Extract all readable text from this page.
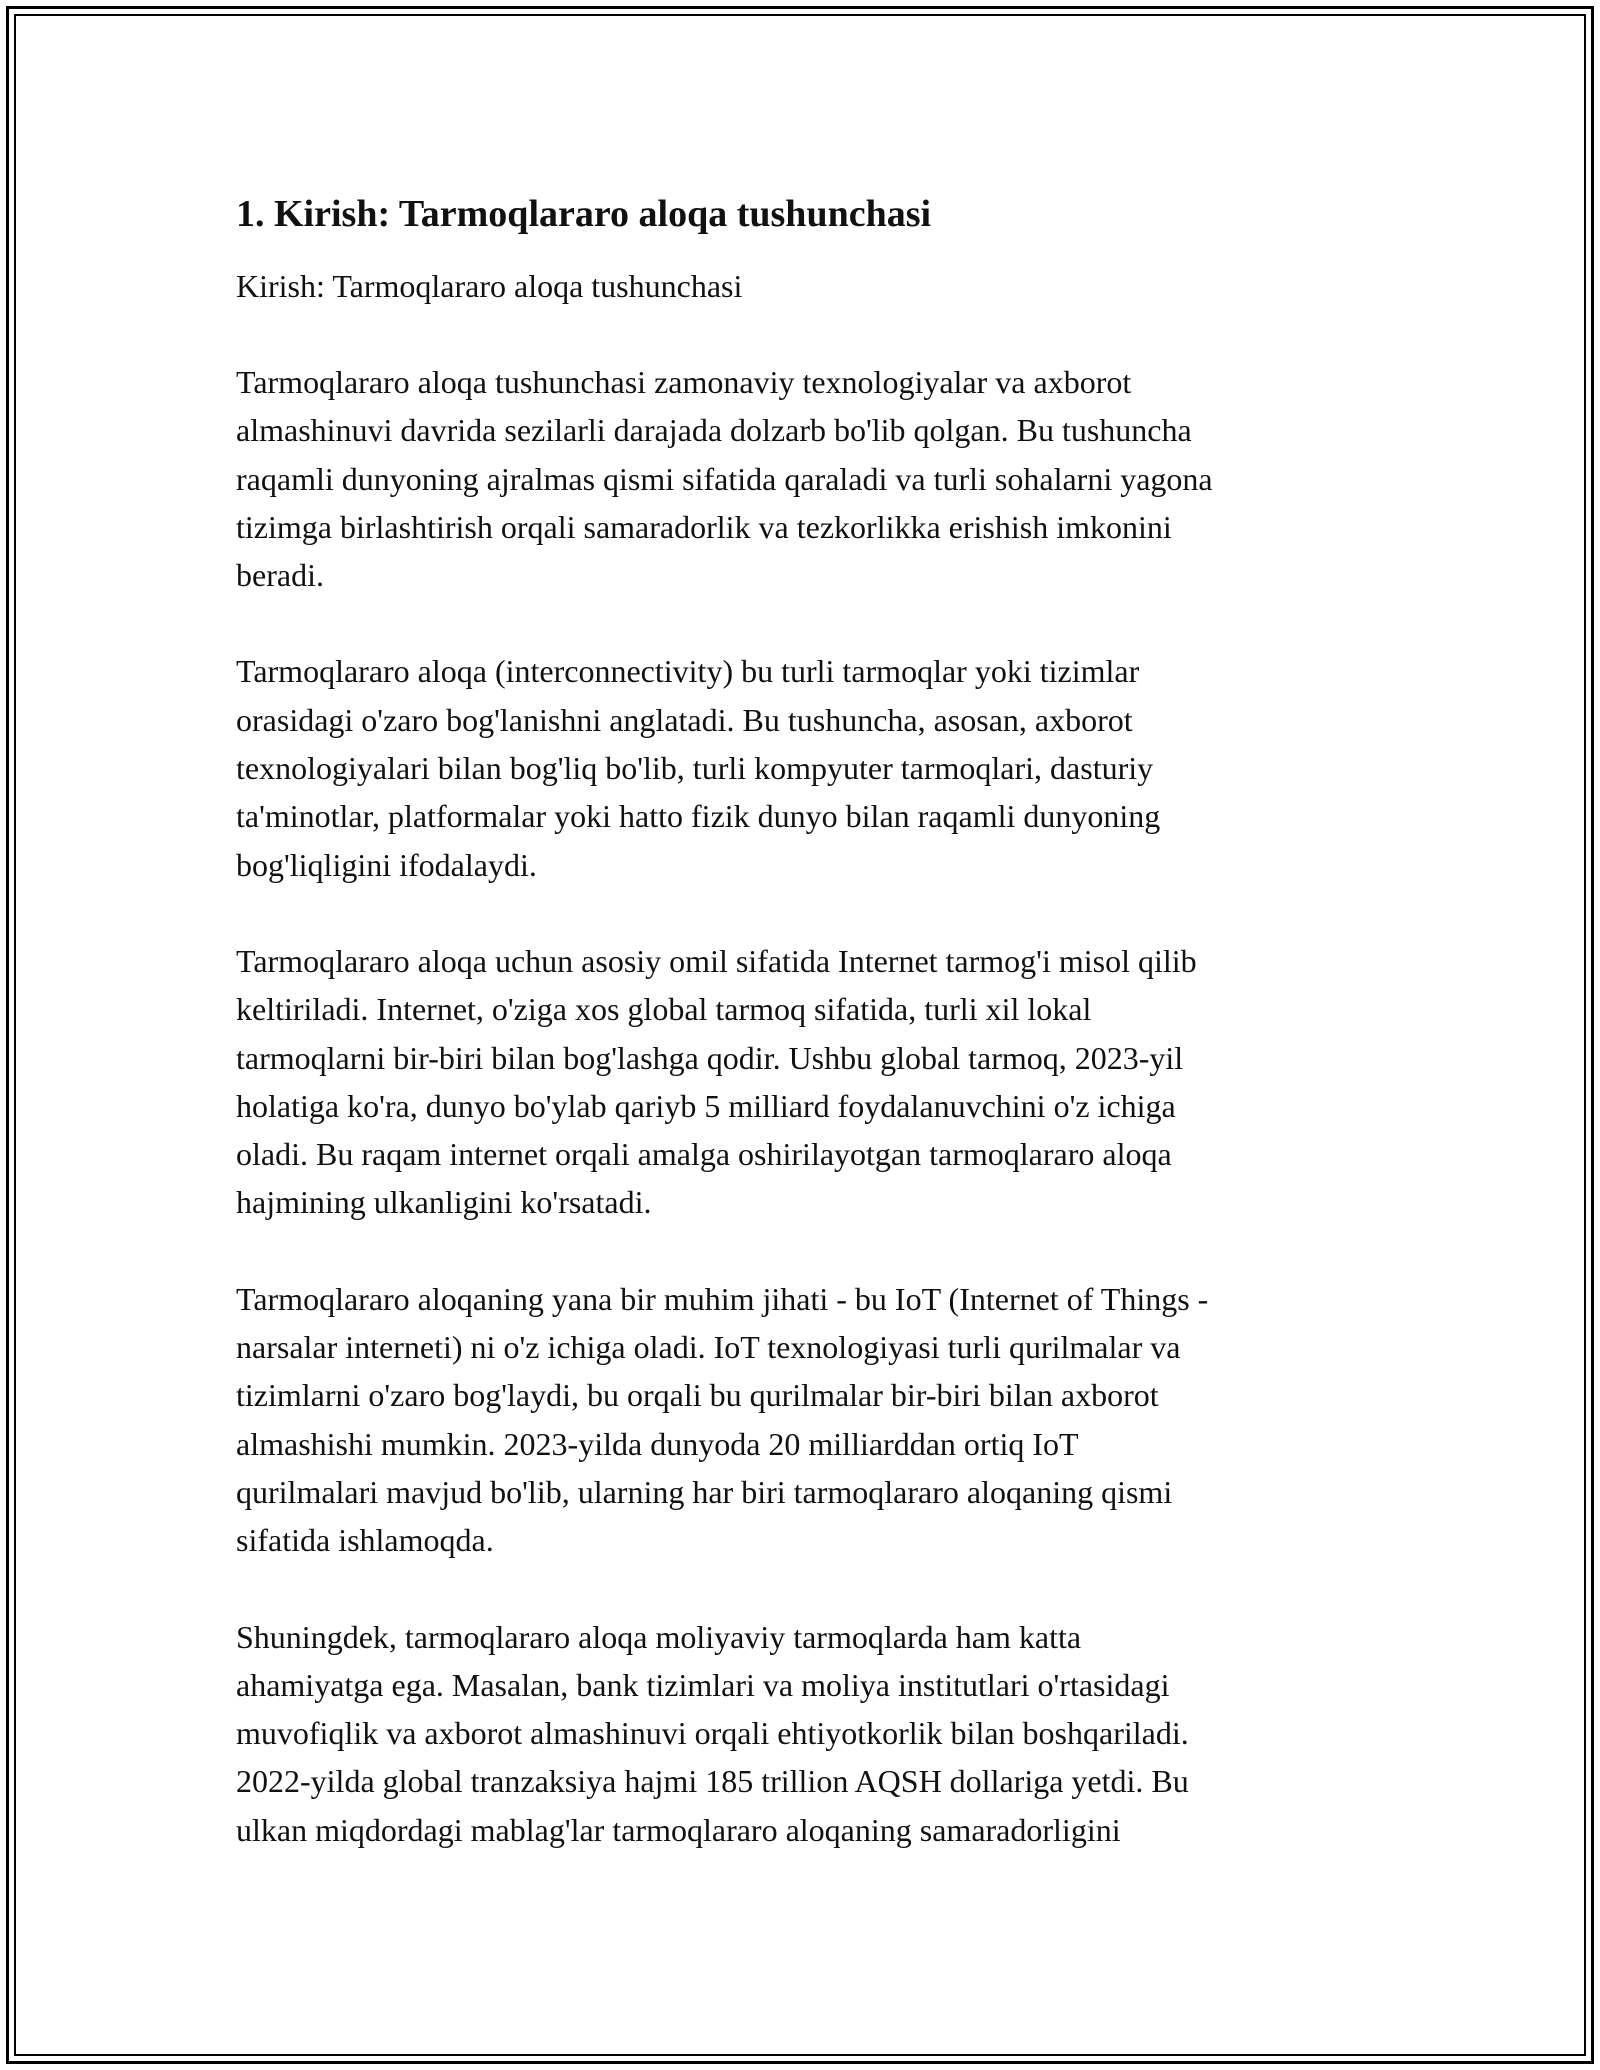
1. Kirish: Tarmoqlararo aloqa tushunchasi

Kirish: Tarmoqlararo aloqa tushunchasi

Tarmoqlararo aloqa tushunchasi zamonaviy texnologiyalar va axborot
almashinuvi davrida sezilarli darajada dolzarb bo'lib qolgan. Bu tushuncha
raqamli dunyoning ajralmas qismi sifatida qaraladi va turli sohalarni yagona
tizimga birlashtirish orqali samaradorlik va tezkorlikka erishish imkonini
beradi.

Tarmoqlararo aloqa (interconnectivity) bu turli tarmoqlar yoki tizimlar
orasidagi o'zaro bog'lanishni anglatadi. Bu tushuncha, asosan, axborot
texnologiyalari bilan bog'liq bo'lib, turli kompyuter tarmoqlari, dasturiy
ta'minotlar, platformalar yoki hatto fizik dunyo bilan raqamli dunyoning
bog'liqligini ifodalaydi.

Tarmoqlararo aloqa uchun asosiy omil sifatida Internet tarmog'i misol qilib
keltiriladi. Internet, o'ziga xos global tarmoq sifatida, turli xil lokal
tarmoqlarni bir-biri bilan bog'lashga qodir. Ushbu global tarmoq, 2023-yil
holatiga ko'ra, dunyo bo'ylab qariyb 5 milliard foydalanuvchini o'z ichiga
oladi. Bu raqam internet orqali amalga oshirilayotgan tarmoqlararo aloqa
hajmining ulkanligini ko'rsatadi.

Tarmoqlararo aloqaning yana bir muhim jihati - bu IoT (Internet of Things -
narsalar interneti) ni o'z ichiga oladi. IoT texnologiyasi turli qurilmalar va
tizimlarni o'zaro bog'laydi, bu orqali bu qurilmalar bir-biri bilan axborot
almashishi mumkin. 2023-yilda dunyoda 20 milliarddan ortiq IoT
qurilmalari mavjud bo'lib, ularning har biri tarmoqlararo aloqaning qismi
sifatida ishlamoqda.

Shuningdek, tarmoqlararo aloqa moliyaviy tarmoqlarda ham katta
ahamiyatga ega. Masalan, bank tizimlari va moliya institutlari o'rtasidagi
muvofiqlik va axborot almashinuvi orqali ehtiyotkorlik bilan boshqariladi.
2022-yilda global tranzaksiya hajmi 185 trillion AQSH dollariga yetdi. Bu
ulkan miqdordagi mablag'lar tarmoqlararo aloqaning samaradorligini
